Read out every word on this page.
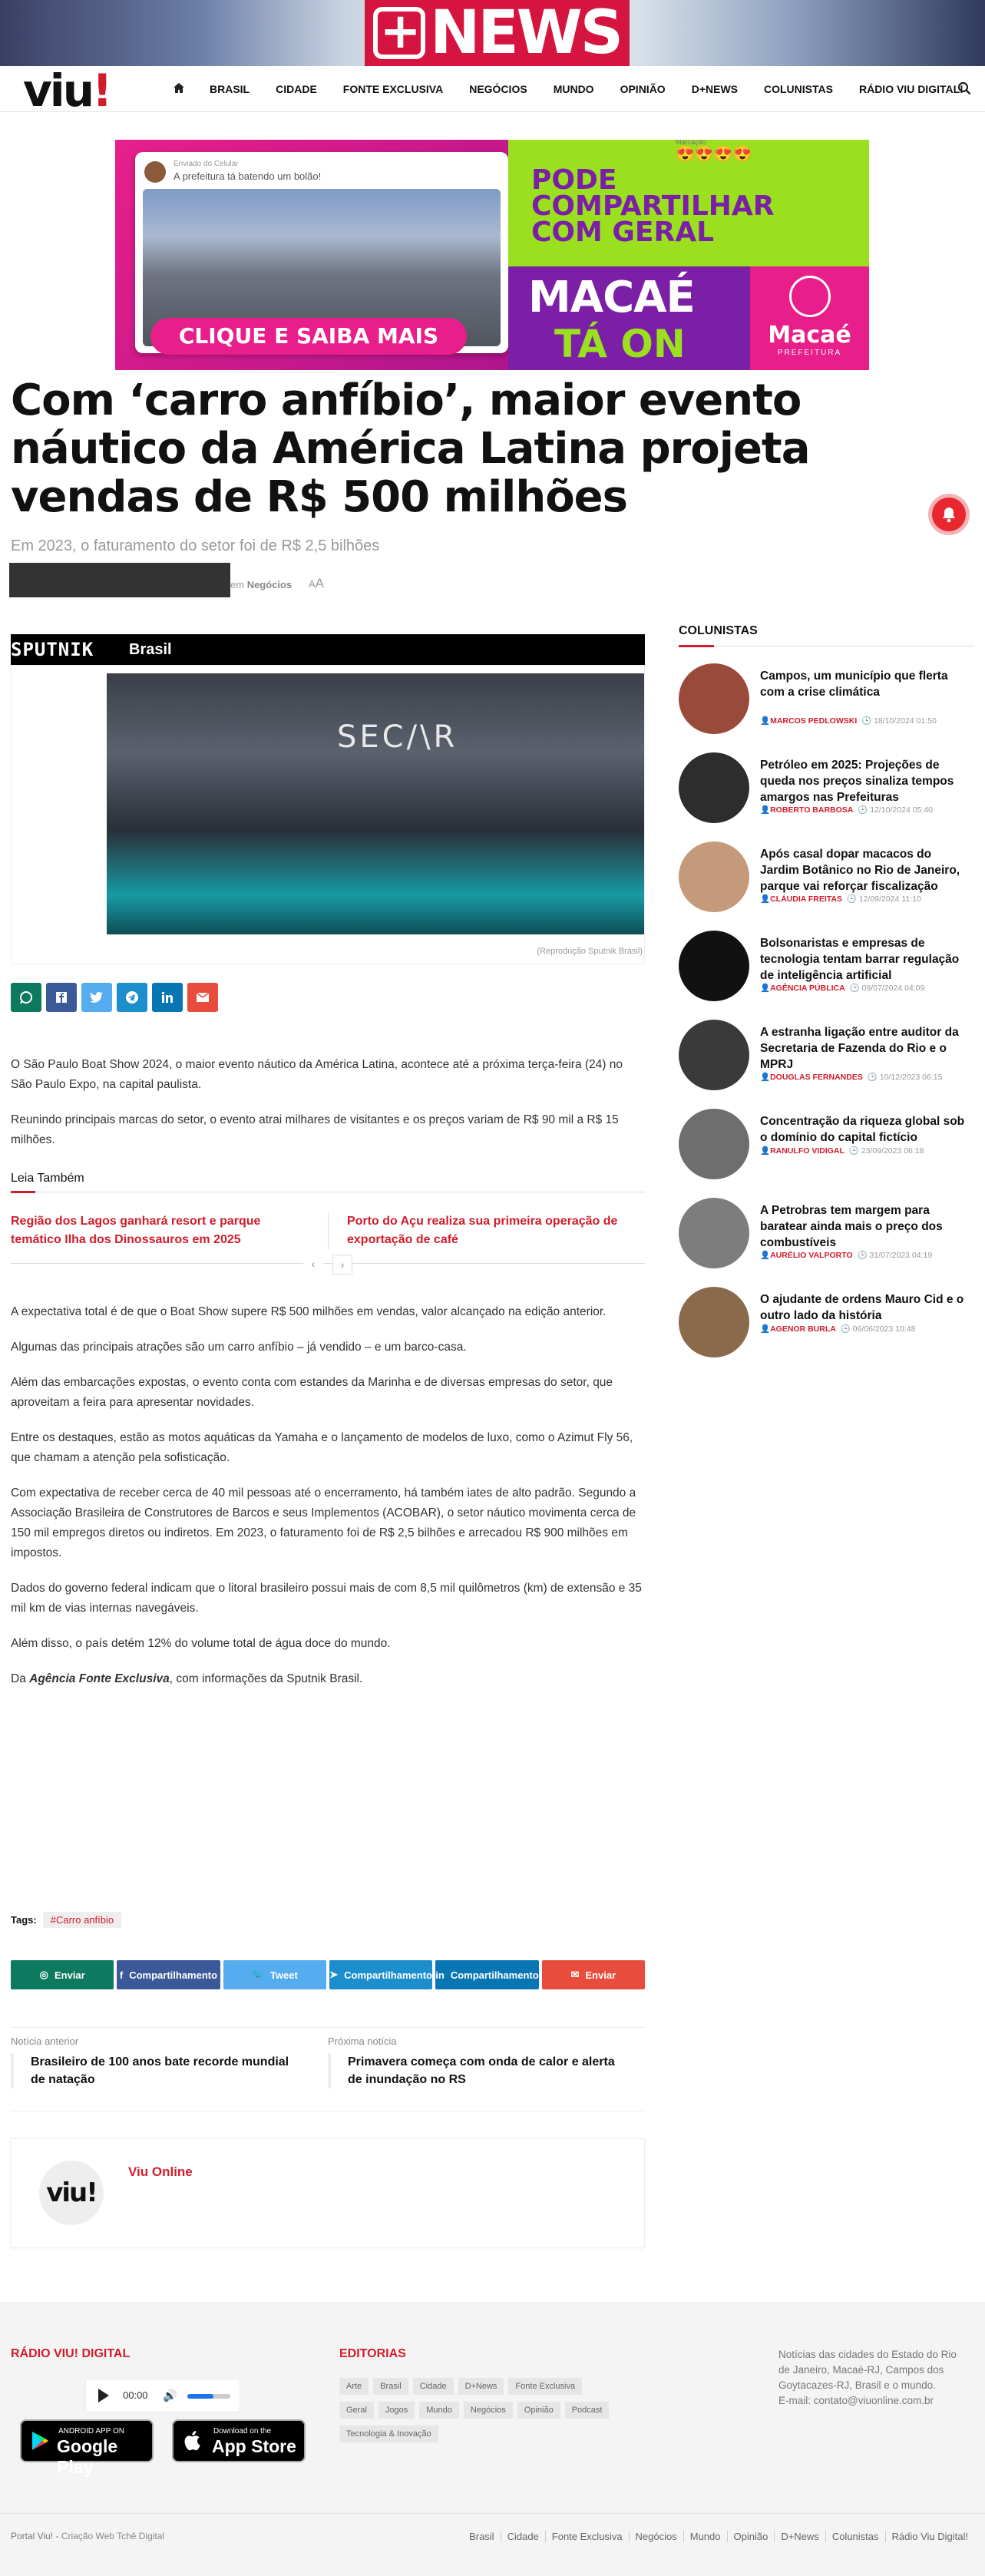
+ NEWS
viu!	BRASIL	CIDADE	FONTE EXCLUSIVA	NEGÓCIOS	MUNDO	OPINIÃO	D+NEWS	COLUNISTAS	RÁDIO VIU DIGITAL!
Enviado do Celular
A prefeitura tá batendo um bolão!
CLIQUE E SAIBA MAIS
Marcação
😍😍😍😍
PODE
COMPARTILHAR
COM GERAL
MACAÉ
TÁ ON	Macaé
PREFEITURA
Com ‘carro anfíbio’, maior evento náutico da América Latina projeta vendas de R$ 500 milhões
Em 2023, o faturamento do setor foi de R$ 2,5 bilhões
em Negócios AA
SPUTNIK Brasil
SEC/\R
(Reprodução Sputnik Brasil)

O São Paulo Boat Show 2024, o maior evento náutico da América Latina, acontece até a próxima terça-feira (24) no São Paulo Expo, na capital paulista.

Reunindo principais marcas do setor, o evento atrai milhares de visitantes e os preços variam de R$ 90 mil a R$ 15 milhões.

Leia Também
Região dos Lagos ganhará resort e parque temático Ilha dos Dinossauros em 2025
Porto do Açu realiza sua primeira operação de exportação de café
‹	›

A expectativa total é de que o Boat Show supere R$ 500 milhões em vendas, valor alcançado na edição anterior.

Algumas das principais atrações são um carro anfíbio – já vendido – e um barco-casa.

Além das embarcações expostas, o evento conta com estandes da Marinha e de diversas empresas do setor, que aproveitam a feira para apresentar novidades.

Entre os destaques, estão as motos aquáticas da Yamaha e o lançamento de modelos de luxo, como o Azimut Fly 56, que chamam a atenção pela sofisticação.

Com expectativa de receber cerca de 40 mil pessoas até o encerramento, há também iates de alto padrão. Segundo a Associação Brasileira de Construtores de Barcos e seus Implementos (ACOBAR), o setor náutico movimenta cerca de 150 mil empregos diretos ou indiretos. Em 2023, o faturamento foi de R$ 2,5 bilhões e arrecadou R$ 900 milhões em impostos.

Dados do governo federal indicam que o litoral brasileiro possui mais de com 8,5 mil quilômetros (km) de extensão e 35 mil km de vias internas navegáveis.

Além disso, o país detém 12% do volume total de água doce do mundo.

Da Agência Fonte Exclusiva, com informações da Sputnik Brasil.

Tags: #Carro anfíbio
◎ Enviar	f Compartilhamento	🐦 Tweet	➤ Compartilhamento in Compartilhamento	✉ Enviar
Notícia anterior
Brasileiro de 100 anos bate recorde mundial de natação
Próxima notícia
Primavera começa com onda de calor e alerta de inundação no RS
viu!
Viu Online
COLUNISTAS
Campos, um município que flerta com a crise climática
👤MARCOS PEDLOWSKI 🕒 18/10/2024 01:50
Petróleo em 2025: Projeções de queda nos preços sinaliza tempos amargos nas Prefeituras
👤ROBERTO BARBOSA 🕒 12/10/2024 05:40
Após casal dopar macacos do Jardim Botânico no Rio de Janeiro, parque vai reforçar fiscalização
👤CLÁUDIA FREITAS 🕒 12/09/2024 11:10
Bolsonaristas e empresas de tecnologia tentam barrar regulação de inteligência artificial
👤AGÊNCIA PÚBLICA 🕒 09/07/2024 04:09
A estranha ligação entre auditor da Secretaria de Fazenda do Rio e o MPRJ
👤DOUGLAS FERNANDES 🕒 10/12/2023 06:15
Concentração da riqueza global sob o domínio do capital fictício
👤RANULFO VIDIGAL 🕒 23/09/2023 06:18
A Petrobras tem margem para baratear ainda mais o preço dos combustíveis
👤AURÉLIO VALPORTO 🕒 31/07/2023 04:19
O ajudante de ordens Mauro Cid e o outro lado da história
👤AGENOR BURLA 🕒 06/06/2023 10:48
RÁDIO VIU! DIGITAL
00:00 🔊
ANDROID APP ON
Google Play
Download on the
App Store
EDITORIAS
Arte Brasil Cidade D+News Fonte ExclusivaGeral Jogos Mundo Negócios Opinião PodcastTecnologia & Inovação
Notícias das cidades do Estado do Rio de Janeiro, Macaé-RJ, Campos dos Goytacazes-RJ, Brasil e o mundo.
E-mail: contato@viuonline.com.br
Portal Viu! - Criação Web Tchê Digital	Brasil Cidade Fonte Exclusiva Negócios Mundo Opinião D+News Colunistas Rádio Viu Digital!
